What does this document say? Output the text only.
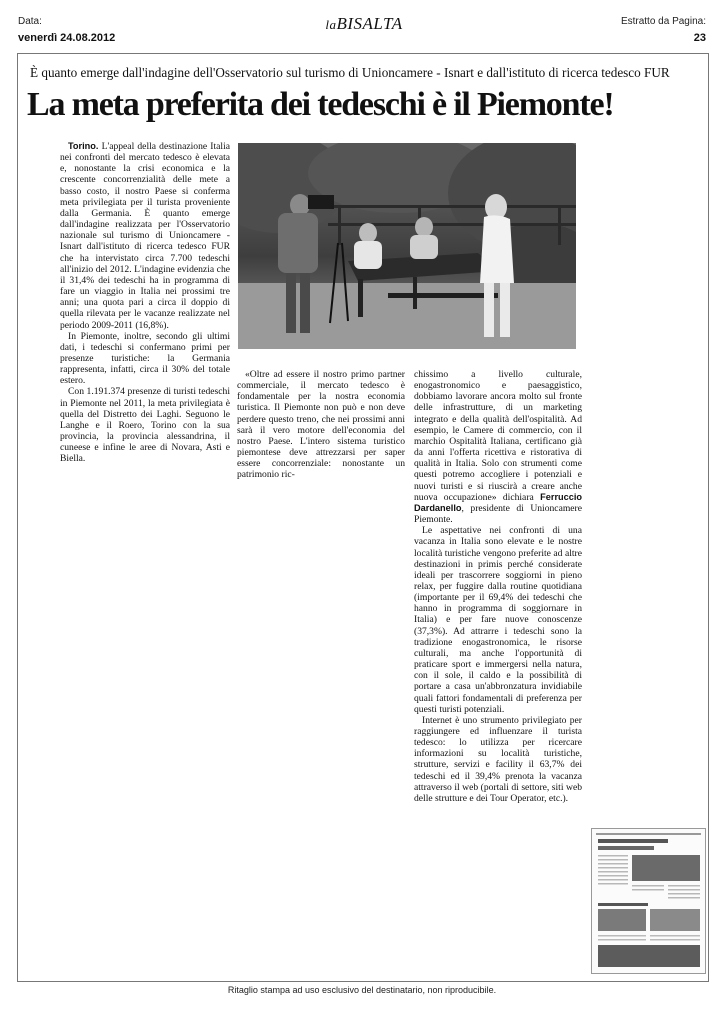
Data:
venerdì 24.08.2012
laBISALTA	Estratto da Pagina:
23
È quanto emerge dall'indagine dell'Osservatorio sul turismo di Unioncamere - Isnart e dall'istituto di ricerca tedesco FUR
La meta preferita dei tedeschi è il Piemonte!

Torino. L'appeal della destinazione Italia nei confronti del mercato tedesco è elevata e, nonostante la crisi economica e la crescente concorrenzialità delle mete a basso costo, il nostro Paese si conferma meta privilegiata per il turista proveniente dalla Germania. È quanto emerge dall'indagine realizzata per l'Osservatorio nazionale sul turismo di Unioncamere - Isnart dall'istituto di ricerca tedesco FUR che ha intervistato circa 7.700 tedeschi all'inizio del 2012. L'indagine evidenzia che il 31,4% dei tedeschi ha in programma di fare un viaggio in Italia nei prossimi tre anni; una quota pari a circa il doppio di quella rilevata per le vacanze realizzate nel periodo 2009-2011 (16,8%).

In Piemonte, inoltre, secondo gli ultimi dati, i tedeschi si confermano primi per presenze turistiche: la Germania rappresenta, infatti, circa il 30% del totale estero.

Con 1.191.374 presenze di turisti tedeschi in Piemonte nel 2011, la meta privilegiata è quella del Distretto dei Laghi. Seguono le Langhe e il Roero, Torino con la sua provincia, la provincia alessandrina, il cuneese e infine le aree di Novara, Asti e Biella.

«Oltre ad essere il nostro primo partner commerciale, il mercato tedesco è fondamentale per la nostra economia turistica. Il Piemonte non può e non deve perdere questo treno, che nei prossimi anni sarà il vero motore dell'economia del nostro Paese. L'intero sistema turistico piemontese deve attrezzarsi per saper essere concorrenziale: nonostante un patrimonio ric-

chissimo a livello culturale, enogastronomico e paesaggistico, dobbiamo lavorare ancora molto sul fronte delle infrastrutture, di un marketing integrato e della qualità dell'ospitalità. Ad esempio, le Camere di commercio, con il marchio Ospitalità Italiana, certificano già da anni l'offerta ricettiva e ristorativa di qualità in Italia. Solo con strumenti come questi potremo accogliere i potenziali e nuovi turisti e si riuscirà a creare anche nuova occupazione» dichiara Ferruccio Dardanello, presidente di Unioncamere Piemonte.

Le aspettative nei confronti di una vacanza in Italia sono elevate e le nostre località turistiche vengono preferite ad altre destinazioni in primis perché considerate ideali per trascorrere soggiorni in pieno relax, per fuggire dalla routine quotidiana (importante per il 69,4% dei tedeschi che hanno in programma di soggiornare in Italia) e per fare nuove conoscenze (37,3%). Ad attrarre i tedeschi sono la tradizione enogastronomica, le risorse culturali, ma anche l'opportunità di praticare sport e immergersi nella natura, con il sole, il caldo e la possibilità di portare a casa un'abbronzatura invidiabile quali fattori fondamentali di preferenza per questi turisti potenziali.

Internet è uno strumento privilegiato per raggiungere ed influenzare il turista tedesco: lo utilizza per ricercare informazioni su località turistiche, strutture, servizi e facility il 63,7% dei tedeschi ed il 39,4% prenota la vacanza attraverso il web (portali di settore, siti web delle strutture e dei Tour Operator, etc.).

Ritaglio stampa ad uso esclusivo del destinatario, non riproducibile.
